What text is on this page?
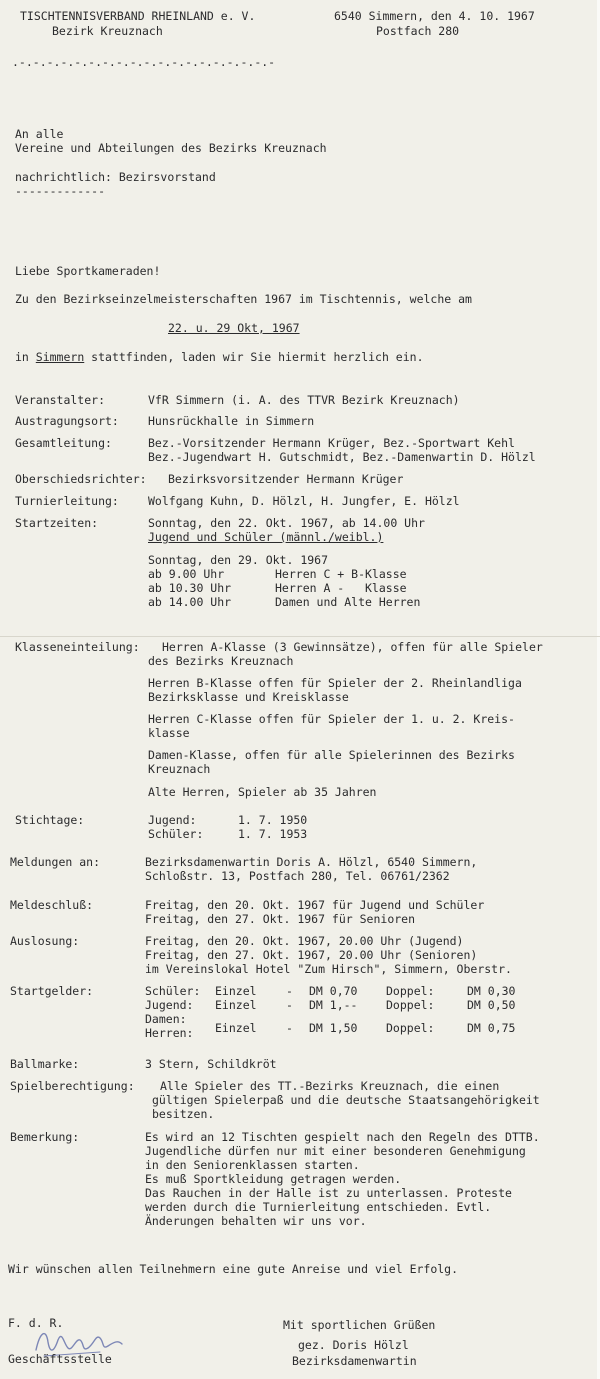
TISCHTENNISVERBAND RHEINLAND e. V.
Bezirk Kreuznach
6540 Simmern, den 4. 10. 1967
Postfach 280
.-.-.-.-.-.-.-.-.-.-.-.-.-.-.-.-.-.-.-
An alle
Vereine und Abteilungen des Bezirks Kreuznach
nachrichtlich: Bezirsvorstand
-------------
Liebe Sportkameraden!
Zu den Bezirkseinzelmeisterschaften 1967 im Tischtennis, welche am
22. u. 29 Okt, 1967
in Simmern stattfinden, laden wir Sie hiermit herzlich ein.
Veranstalter:	VfR Simmern (i. A. des TTVR Bezirk Kreuznach)
Austragungsort:	Hunsrückhalle in Simmern
Gesamtleitung:	Bez.-Vorsitzender Hermann Krüger, Bez.-Sportwart Kehl
Bez.-Jugendwart H. Gutschmidt, Bez.-Damenwartin D. Hölzl
Oberschiedsrichter: Bezirksvorsitzender Hermann Krüger
Turnierleitung:	Wolfgang Kuhn, D. Hölzl, H. Jungfer, E. Hölzl
Startzeiten:	Sonntag, den 22. Okt. 1967, ab 14.00 Uhr
Jugend und Schüler (männl./weibl.)
Sonntag, den 29. Okt. 1967
ab 9.00 Uhr	Herren C + B-Klasse
ab 10.30 Uhr	Herren A -   Klasse
ab 14.00 Uhr	Damen und Alte Herren
Klasseneinteilung: Herren A-Klasse (3 Gewinnsätze), offen für alle Spieler
des Bezirks Kreuznach
Herren B-Klasse offen für Spieler der 2. Rheinlandliga
Bezirksklasse und Kreisklasse
Herren C-Klasse offen für Spieler der 1. u. 2. Kreis-
klasse
Damen-Klasse, offen für alle Spielerinnen des Bezirks
Kreuznach
Alte Herren, Spieler ab 35 Jahren
Stichtage:	Jugend:	1. 7. 1950
Schüler:	1. 7. 1953
Meldungen an:	Bezirksdamenwartin Doris A. Hölzl, 6540 Simmern,
Schloßstr. 13, Postfach 280, Tel. 06761/2362
Meldeschluß:	Freitag, den 20. Okt. 1967 für Jugend und Schüler
Freitag, den 27. Okt. 1967 für Senioren
Auslosung:	Freitag, den 20. Okt. 1967, 20.00 Uhr (Jugend)
Freitag, den 27. Okt. 1967, 20.00 Uhr (Senioren)
im Vereinslokal Hotel "Zum Hirsch", Simmern, Oberstr.
Startgelder:	Schüler: Einzel	- DM 0,70 Doppel:	DM 0,30
Jugend: Einzel	- DM 1,-- Doppel:	DM 0,50
Damen:
Herren: Einzel	- DM 1,50 Doppel:	DM 0,75
Ballmarke:	3 Stern, Schildkröt
Spielberechtigung: Alle Spieler des TT.-Bezirks Kreuznach, die einen
gültigen Spielerpaß und die deutsche Staatsangehörigkeit
besitzen.
Bemerkung:	Es wird an 12 Tischten gespielt nach den Regeln des DTTB.
Jugendliche dürfen nur mit einer besonderen Genehmigung
in den Seniorenklassen starten.
Es muß Sportkleidung getragen werden.
Das Rauchen in der Halle ist zu unterlassen. Proteste
werden durch die Turnierleitung entschieden. Evtl.
Änderungen behalten wir uns vor.
Wir wünschen allen Teilnehmern eine gute Anreise und viel Erfolg.
F. d. R.	Mit sportlichen Grüßen
gez. Doris Hölzl
Bezirksdamenwartin
Geschäftsstelle
